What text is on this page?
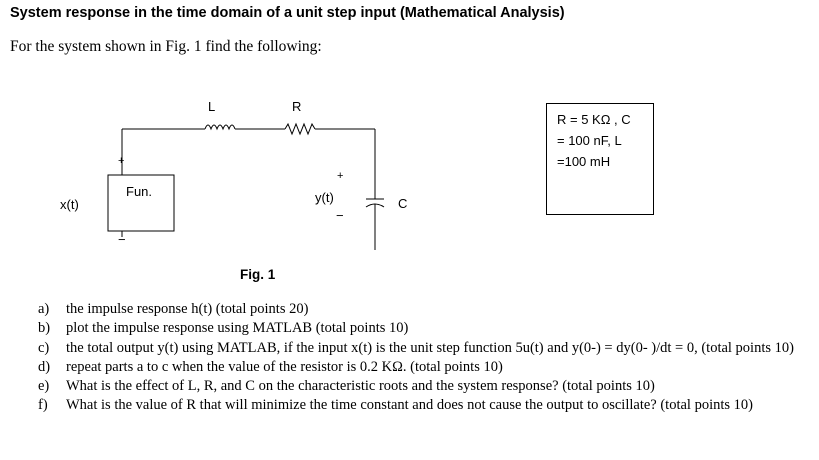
System response in the time domain of a unit step input (Mathematical Analysis)
For the system shown in Fig. 1 find the following:
L	R
+
Fun.
−
x(t)
+
y(t)
−
C
R = 5 KΩ , C
= 100 nF, L
=100 mH
Fig. 1
a) the impulse response h(t) (total points 20)
b) plot the impulse response using MATLAB (total points 10)
c) the total output y(t) using MATLAB, if the input x(t) is the unit step function 5u(t) and y(0-) = dy(0- )/dt = 0, (total points 10)
d) repeat parts a to c when the value of the resistor is 0.2 KΩ. (total points 10)
e) What is the effect of L, R, and C on the characteristic roots and the system response? (total points 10)
f) What is the value of R that will minimize the time constant and does not cause the output to oscillate? (total points 10)
